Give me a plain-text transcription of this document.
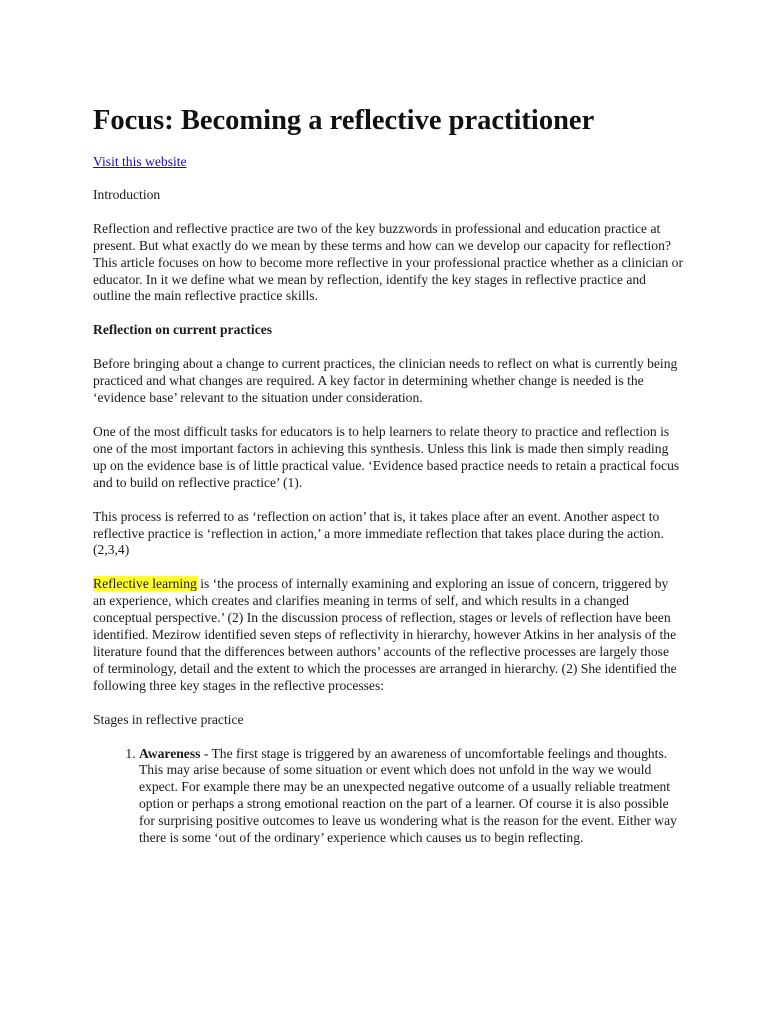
Focus: Becoming a reflective practitioner
Visit this website

Introduction

Reflection and reflective practice are two of the key buzzwords in professional and education practice at present. But what exactly do we mean by these terms and how can we develop our capacity for reflection? This article focuses on how to become more reflective in your professional practice whether as a clinician or educator. In it we define what we mean by reflection, identify the key stages in reflective practice and outline the main reflective practice skills.

Reflection on current practices

Before bringing about a change to current practices, the clinician needs to reflect on what is currently being practiced and what changes are required. A key factor in determining whether change is needed is the ‘evidence base’ relevant to the situation under consideration.

One of the most difficult tasks for educators is to help learners to relate theory to practice and reflection is one of the most important factors in achieving this synthesis. Unless this link is made then simply reading up on the evidence base is of little practical value. ‘Evidence based practice needs to retain a practical focus and to build on reflective practice’ (1).

This process is referred to as ‘reflection on action’ that is, it takes place after an event. Another aspect to reflective practice is ‘reflection in action,’ a more immediate reflection that takes place during the action. (2,3,4)

Reflective learning is ‘the process of internally examining and exploring an issue of concern, triggered by an experience, which creates and clarifies meaning in terms of self, and which results in a changed conceptual perspective.’ (2) In the discussion process of reflection, stages or levels of reflection have been identified. Mezirow identified seven steps of reflectivity in hierarchy, however Atkins in her analysis of the literature found that the differences between authors’ accounts of the reflective processes are largely those of terminology, detail and the extent to which the processes are arranged in hierarchy. (2) She identified the following three key stages in the reflective processes:

Stages in reflective practice

1. Awareness - The first stage is triggered by an awareness of uncomfortable feelings and thoughts. This may arise because of some situation or event which does not unfold in the way we would expect. For example there may be an unexpected negative outcome of a usually reliable treatment option or perhaps a strong emotional reaction on the part of a learner. Of course it is also possible for surprising positive outcomes to leave us wondering what is the reason for the event. Either way there is some ‘out of the ordinary’ experience which causes us to begin reflecting.
